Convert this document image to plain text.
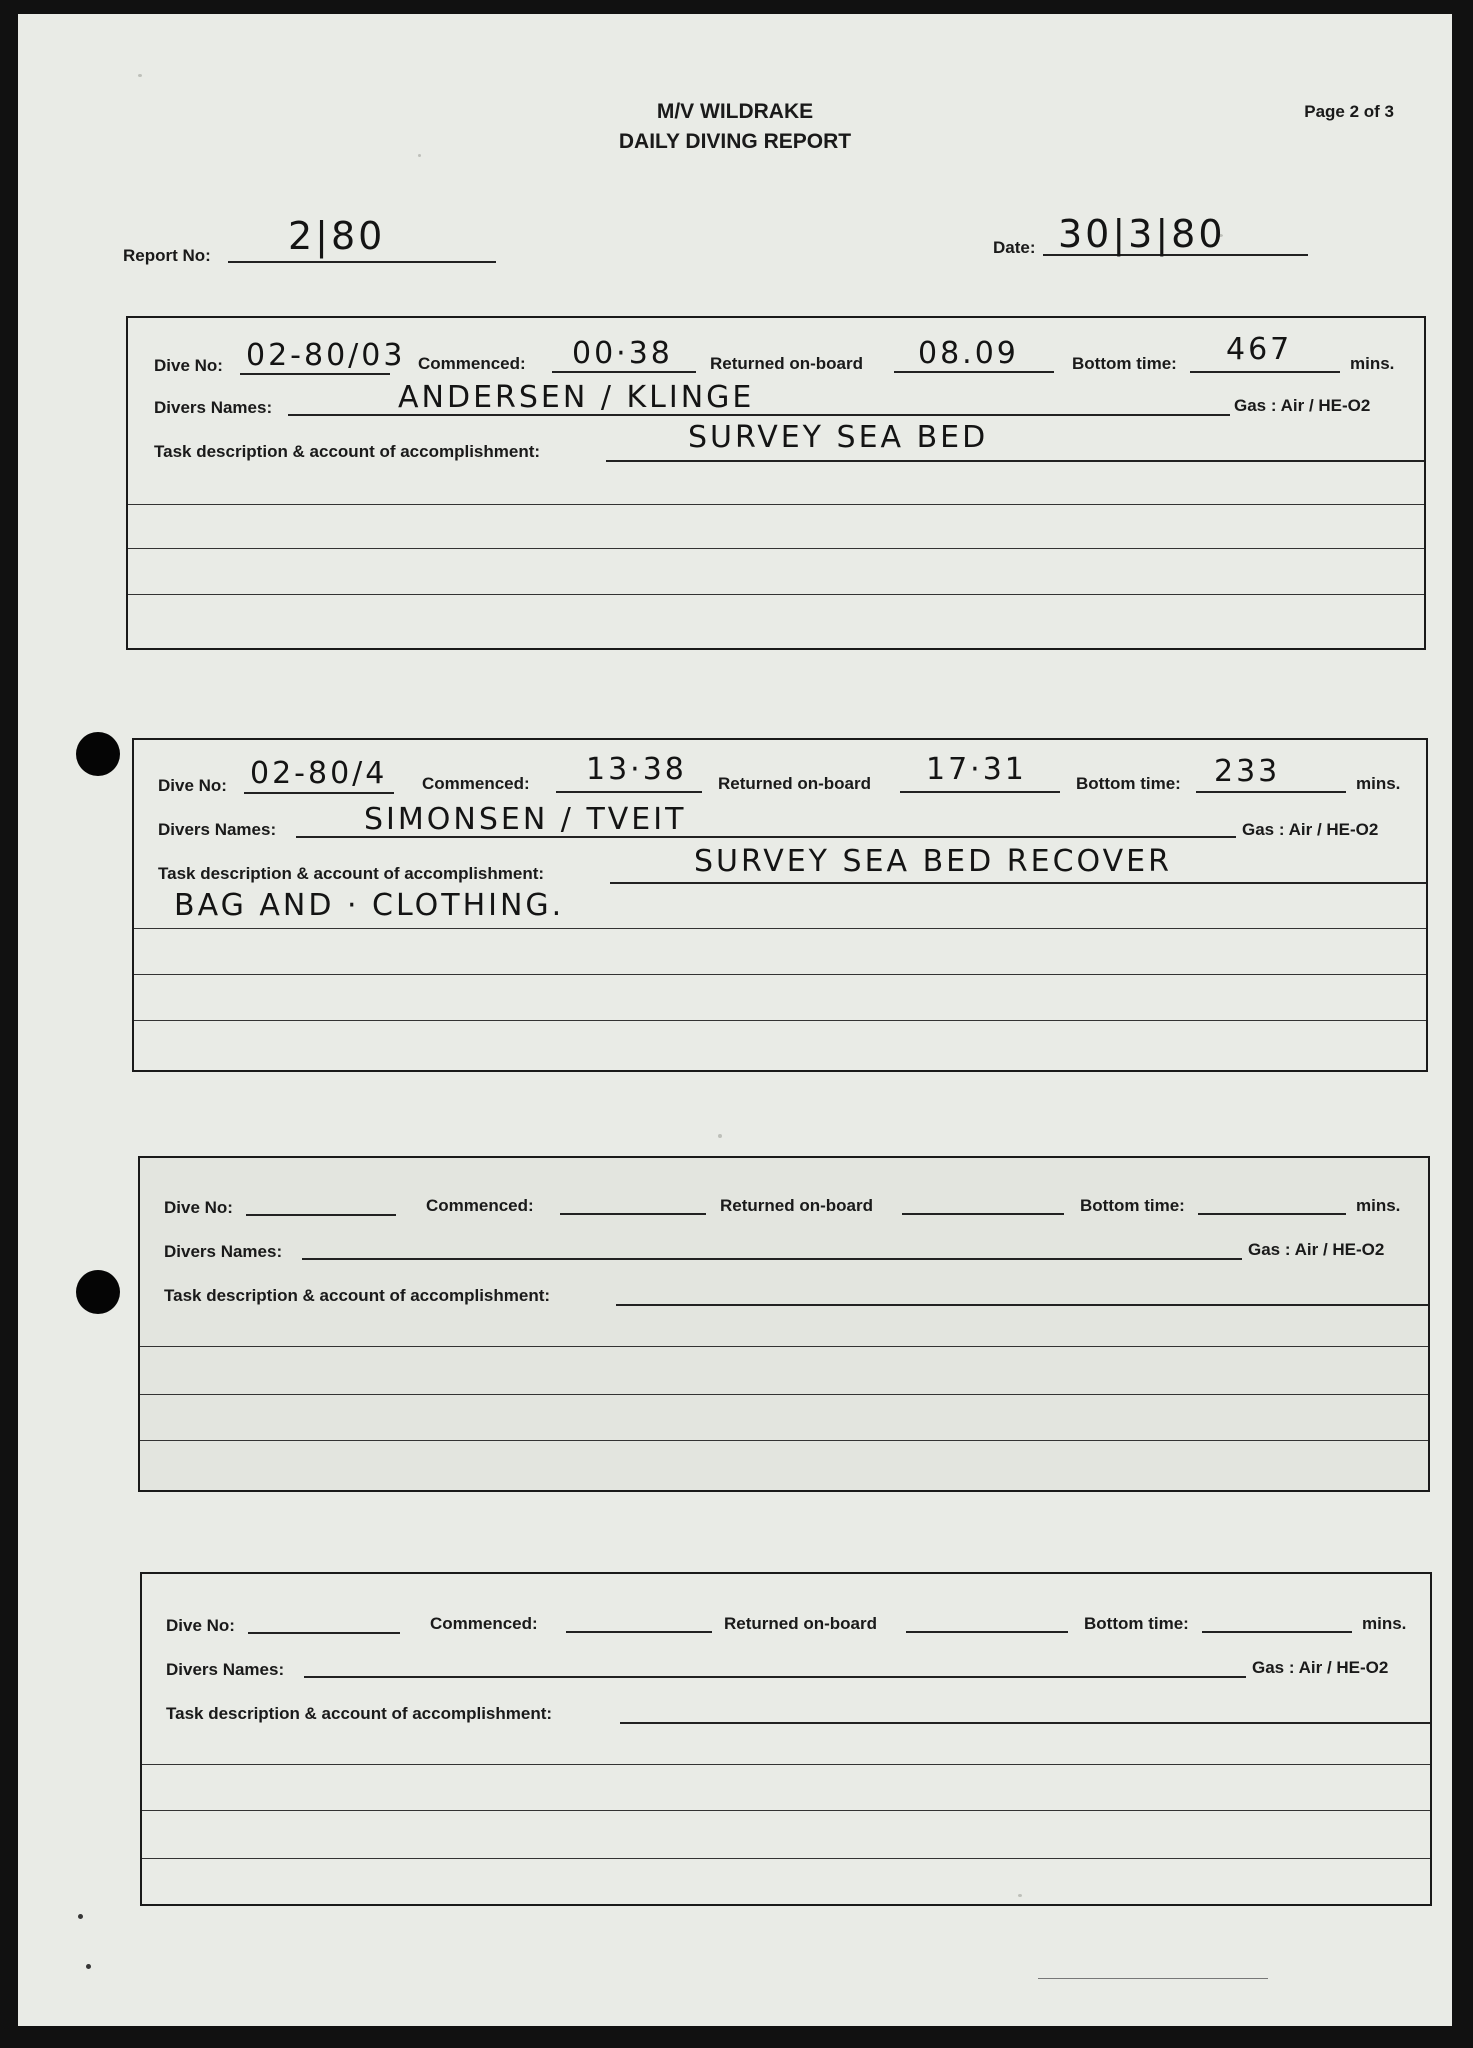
M/V WILDRAKE
DAILY DIVING REPORT
Page 2 of 3
Report No: 2|80	Date: 30|3|80
Dive No: 02-80/03 Commenced: 00·38 Returned on-board 08.09	Bottom time: 467	mins.
Divers Names:	ANDERSEN / KLINGE	Gas : Air / HE-O2
Task description & account of accomplishment:	SURVEY SEA BED
Dive No: 02-80/4 Commenced: 13·38 Returned on-board 17·31	Bottom time: 233	mins.
Divers Names:	SIMONSEN / TVEIT	Gas : Air / HE-O2
Task description & account of accomplishment:	SURVEY SEA BED RECOVER
BAG AND · CLOTHING.
Dive No:	Commenced:	Returned on-board	Bottom time:	mins.
Divers Names:	Gas : Air / HE-O2
Task description & account of accomplishment:
Dive No:	Commenced:	Returned on-board	Bottom time:	mins.
Divers Names:	Gas : Air / HE-O2
Task description & account of accomplishment:
